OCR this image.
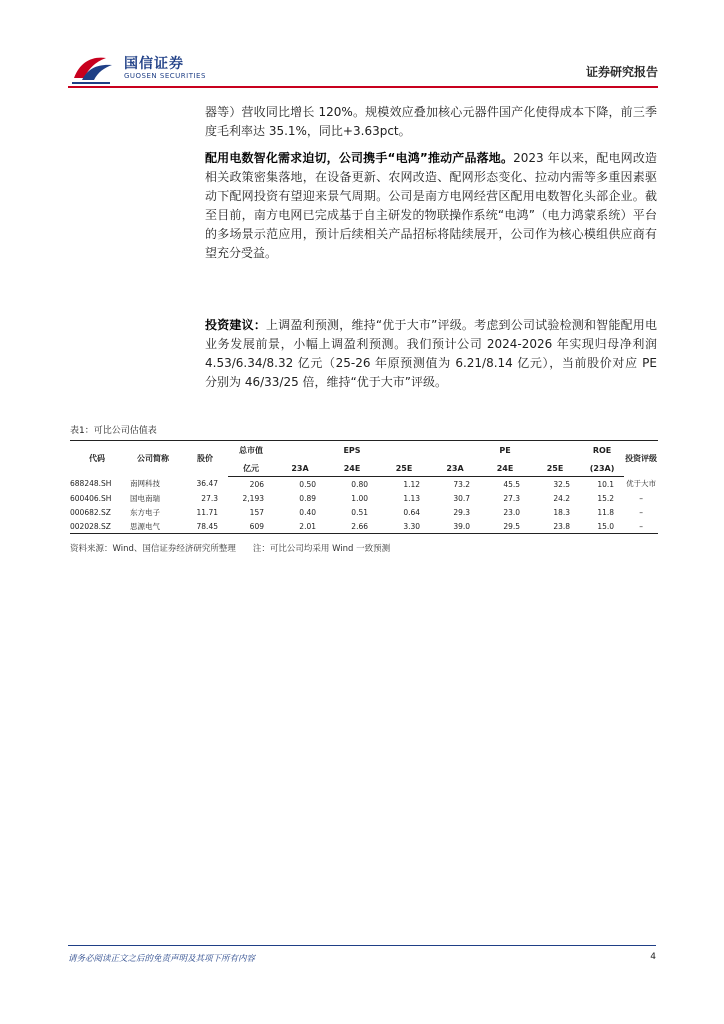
国信证券
GUOSEN SECURITIES	证券研究报告
器等）营收同比增长 120%。规模效应叠加核心元器件国产化使得成本下降，前三季度毛利率达 35.1%，同比+3.63pct。
配用电数智化需求迫切，公司携手“电鸿”推动产品落地。2023 年以来，配电网改造相关政策密集落地，在设备更新、农网改造、配网形态变化、拉动内需等多重因素驱动下配网投资有望迎来景气周期。公司是南方电网经营区配用电数智化头部企业。截至目前，南方电网已完成基于自主研发的物联操作系统“电鸿”（电力鸿蒙系统）平台的多场景示范应用，预计后续相关产品招标将陆续展开，公司作为核心模组供应商有望充分受益。
投资建议：上调盈利预测，维持“优于大市”评级。考虑到公司试验检测和智能配用电业务发展前景，小幅上调盈利预测。我们预计公司 2024-2026 年实现归母净利润 4.53/6.34/8.32 亿元（25-26 年原预测值为 6.21/8.14 亿元），当前股价对应 PE 分别为 46/33/25 倍，维持“优于大市”评级。
表1：可比公司估值表
代码	公司简称	股价	总市值	EPS			PE			ROE	投资评级
			亿元	23A	24E	25E	23A	24E	25E	(23A)	
688248.SH	南网科技	36.47	206	0.50	0.80	1.12	73.2	45.5	32.5	10.1	优于大市
600406.SH	国电南瑞	27.3	2,193	0.89	1.00	1.13	30.7	27.3	24.2	15.2	–
000682.SZ	东方电子	11.71	157	0.40	0.51	0.64	29.3	23.0	18.3	11.8	–
002028.SZ	思源电气	78.45	609	2.01	2.66	3.30	39.0	29.5	23.8	15.0	–
资料来源：Wind、国信证券经济研究所整理　　注：可比公司均采用 Wind 一致预测
请务必阅读正文之后的免责声明及其项下所有内容	4
